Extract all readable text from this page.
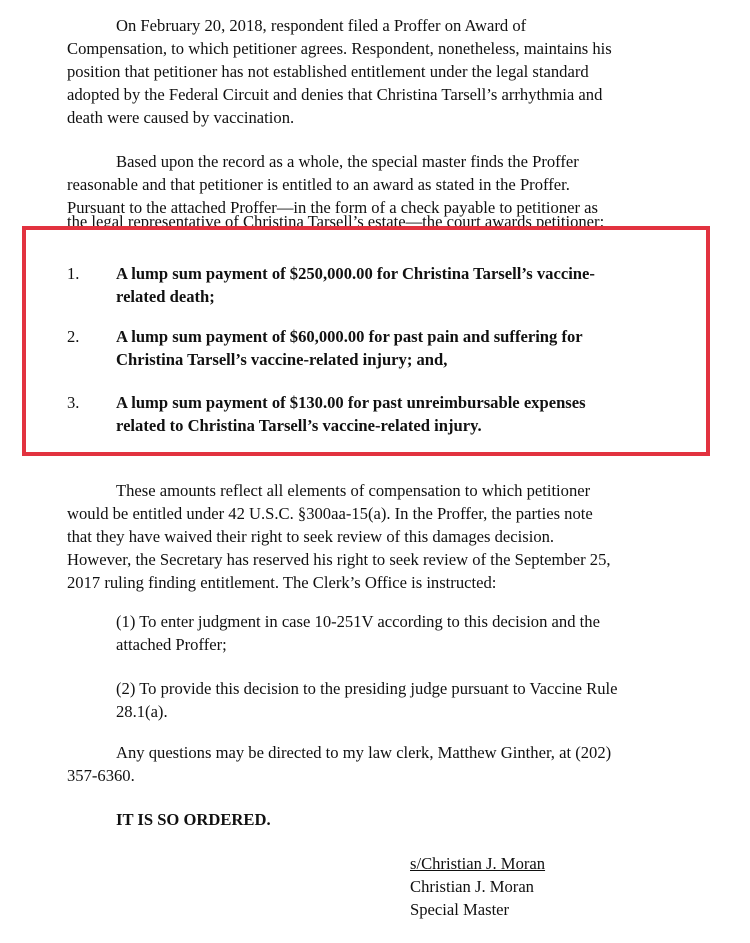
On February 20, 2018, respondent filed a Proffer on Award of
Compensation, to which petitioner agrees. Respondent, nonetheless, maintains his
position that petitioner has not established entitlement under the legal standard
adopted by the Federal Circuit and denies that Christina Tarsell’s arrhythmia and
death were caused by vaccination.

Based upon the record as a whole, the special master finds the Proffer
reasonable and that petitioner is entitled to an award as stated in the Proffer.
Pursuant to the attached Proffer—in the form of a check payable to petitioner as

the legal representative of Christina Tarsell’s estate—the court awards petitioner:
1.	A lump sum payment of $250,000.00 for Christina Tarsell’s vaccine-
related death;
2.	A lump sum payment of $60,000.00 for past pain and suffering for
Christina Tarsell’s vaccine-related injury; and,
3.	A lump sum payment of $130.00 for past unreimbursable expenses
related to Christina Tarsell’s vaccine-related injury.

These amounts reflect all elements of compensation to which petitioner
would be entitled under 42 U.S.C. §300aa-15(a). In the Proffer, the parties note
that they have waived their right to seek review of this damages decision.
However, the Secretary has reserved his right to seek review of the September 25,
2017 ruling finding entitlement. The Clerk’s Office is instructed:

(1) To enter judgment in case 10-251V according to this decision and the
attached Proffer;

(2) To provide this decision to the presiding judge pursuant to Vaccine Rule
28.1(a).

Any questions may be directed to my law clerk, Matthew Ginther, at (202)
357-6360.

IT IS SO ORDERED.

s/Christian J. Moran
Christian J. Moran
Special Master
